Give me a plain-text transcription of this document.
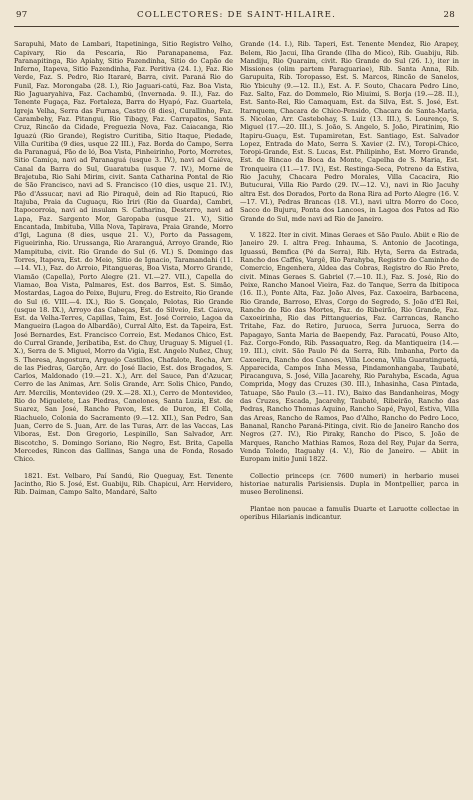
97	COLLECTORES: DE SAINT-HILAIRE.	28

Sarapuhi, Mato de Lambari, Itapetininga, Sitio Registro Velho, Capivary, Rio da Pescaria, Rio Paranapanema, Faz. Paranapitinga, Rio Apiahy, Sitio Fazendinha, Sitio do Capão de Inferno, Itapeva, Sitio Fazendinha, Faz. Peritiva (24. I.), Faz. Rio Verde, Faz. S. Pedro, Rio Itararé, Barra, civit. Paraná Rio do Funil, Faz. Morongaba (28. I.), Rio Jaguari-catú, Faz. Boa Vista, Rio Jaguaryahiva, Faz. Cachambú, (Invernada. 9. II.), Faz. do Tenente Fugaça, Faz. Fortaleza, Barra do Hyapó, Faz. Guartela, Igreja Velha, Serra das Furnas, Castro (8 dies), Curallinho, Faz. Carambehy, Faz. Pitangui, Rio Tibagy, Faz. Carrapatos, Santa Cruz, Rincão da Cidade, Freguezia Nova, Faz. Caiacanga, Rio Iguazú (Rio Grande), Registro Curitiba, Sitio Itaque, Piedade, Villa Curitiba (9 dies, usque 22 III.), Faz. Borda do Campo, Serra da Paranaguá, Pão de ló, Boa Vista, Pinheirinho, Porto, Morretes, Sitio Camiça, navi ad Paranaguá (usque 3. IV.), navi ad Caiéva, Canal da Barra do Sul, Guaratuba (usque 7. IV.), Morne de Brajetuba, Rio Sahi Mirim, civit. Santa Catharina Pontal de Rio de São Francisco, navi ad S. Francisco (10 dies, usque 21. IV.), Pão d'Assucar, navi ad Rio Piraquê, dein ad Rio Itapucú, Rio Itajuba, Praia da Cuguaçu, Rio Iriri (Rio da Guarda), Cambri, Itapocorroia, navi ad insulam S. Catharina, Desterro, navi ad Lapa, Faz. Sargento Mor, Garopaba (usque 21. V.), Sitio Encantada, Imbituba, Villa Nova, Tapirava, Praia Grande, Morro d'Igi, Laguna (8 dies, usque 21. V.), Porto da Passagem, Figueirinha, Rio. Urussanga, Rio Araranguá, Arroyo Grande, Rio Mampituba, civit. Rio Grande do Sul (6. VI.) S. Domingo das Torres, Itapeva, Est. do Meio, Sitio de Ignacio, Taramandahi (11.—14. VI.), Faz. do Arroio, Pitangueras, Boa Vista, Morro Grande, Viamão (Capella), Porto Alegre (21. VI.—27. VII.), Capella do Viamao, Boa Vista, Palmares, Est. dos Barros, Est. S. Simão, Mostardas, Lagoa do Peixe, Bujuru, Freg. do Estreito, Rio Grande do Sul (6. VIII.—4. IX.), Rio S. Gonçalo, Pelotas, Rio Grande (usque 18. IX.), Arroyo das Cabeças, Est. do Silveio, Est. Caiova, Est. da Velha-Terres, Capillas, Taim, Est. José Correio, Lagoa da Mangueira (Lagoa do Albardão), Curral Alto, Est. da Tapeira, Est. José Bernardes, Est. Francisco Correio, Est. Medanos Chico, Est. do Curral Grande, Jeribatiba, Est. do Chuy, Uruguay S. Miguel (1. X.), Serra de S. Miguel, Morro da Vigia, Est. Angelo Nuñez, Chuy, S. Theresa, Angostura, Arguejo Castillos, Chafalote, Rocha, Arr. de las Piedras, Garção, Arr. do José Ilacio, Est. dos Bragados, S. Carlos, Maldonado (19.—21. X.), Arr. del Sauce, Pan d'Azucar, Cerro de las Animas, Arr. Solis Grande, Arr. Solis Chico, Pando, Arr. Mercilis, Montevideo (29. X.—28. XI.), Cerro de Montevideo, Rio do Miguelete, Las Piedras, Canelones, Santa Luzia, Est. de Suarez, San José, Rancho Pavon, Est. de Duron, El Colla, Riachuelo, Colonia do Sacramento (9.—12. XII.), San Pedro, San Juan, Cerro de S. Juan, Arr. de las Turas, Arr. de las Vaccas, Las Viboras, Est. Don Gregorio, Lespinillo, San Salvador, Arr. Biscotcho, S. Domingo Soriano, Rio Negro, Est. Brita, Capella Mercedes, Rincon das Gallinas, Sanga una de Fonda, Rosado Chico.

1821. Est. Velbaro, Paí Sandú, Rio Queguay, Est. Tenente Jacintho, Rio S. José, Est. Guabiju, Rib. Chapicui, Arr. Hervidero, Rib. Daiman, Campo Salto, Mandaré, Salto

Grande (14. I.), Rib. Taperi, Est. Tenente Mendez, Rio Arapey, Belem, Rio Jacui, Ilha Grande (Ilha do Mico), Rib. Guabiju, Rib. Mandiju, Rio Quaraim, civit. Rio Grande do Sul (26. I.), iter in Missiones (olim partem Paraguariae), Rib. Santa Anna, Rib. Garupuita, Rib. Toropasso, Est. S. Marcos, Rincão de Sanelos, Rio Ybicuhy (9.—12. II.), Est. A. F. Souto, Chacara Pedro Lino, Faz. Salto, Faz. do Dommelo, Rio Miuimi, S. Borja (19.—28. II.), Est. Santo-Rei, Rio Camaquam, Est. da Silva, Est. S. José, Est. Itarnquem, Chacara de Chico-Pensido, Chacara de Santa-Maria, S. Nicolao, Arr. Castebohay, S. Luiz (13. III.), S. Lourenço, S. Miguel (17.—20. III.), S. João, S. Angelo, S. João, Piratinim, Rio Itapiru-Guaçu, Est. Tupamiretan, Est. Santiago, Est. Salvador Lopez, Entrada do Mato, Serra S. Xavier (2. IV.), Toropi-Chico, Toropi-Grande, Est. S. Lucas, Est. Philipinho, Est. Morro Grande, Est. de Rincao da Boca da Monte, Capelha de S. Maria, Est. Tronqueira (11.—17. IV.), Est. Restinga-Seca, Potreno da Estiva, Rio Jacuhy, Chacara Pedro Morales, Villa Cacacira, Rio Butucurai, Villa Rio Pardo (29. IV.—12. V.), navi in Rio Jacuhy altra Est. dos Dorados, Porto da Rona Rira ad Porto Alegre (16. V.—17. VI.), Pedras Brancas (18. VI.), navi ultra Morro do Coco, Sacco do Bujuru, Ponta dos Lancoes, in Lagoa dos Patos ad Rio Grande do Sul, mde navi ad Rio de Janeiro.

V. 1822. Iter in civit. Minas Geraes et São Paulo. Abiit e Rio de Janeiro 29. I. altra Freg. Inhauma, S. Antonio de Jacotinga, Iguassú, Bemfica (Pé da Serra), Rib. Hyta, Serra da Estrada, Rancho dos Caffés, Vargê, Rio Parahyba, Registro do Caminho de Comercio, Engenhera, Aldea das Cobras, Registro do Rio Preto, civit. Minas Geraes S. Gabriel (7.—10. II.), Faz. S. José, Rio do Peixe, Rancho Manoel Vieira, Faz. do Tanque, Serra da Ibitipoca (16. II.), Ponte Alta, Faz. João Alves, Faz. Caxoeira, Barbacena, Rio Grande, Barroso, Elvas, Corgo do Segredo, S. João d'El Rei, Rancho do Rio das Mortes, Faz. do Ribeirão, Rio Grande, Faz. Caxoeirinha, Rio das Pittanguerias, Faz. Carrancas, Rancho Tritahe, Faz. do Retiro, Juruoca, Serra Juruoca, Serra do Papagayo, Santa Maria de Baependy, Faz. Paracatú, Pouso Alto, Faz. Corgo-Fondo, Rib. Passaquatro, Reg. da Mantiqueira (14.—19. III.), civit. São Paulo Pé da Serra, Rib. Imbanha, Porto da Caxoeira, Rancho dos Canoes, Villa Locena, Villa Guaratinguetá, Apparecida, Campos Inha Messa, Pindamonhangaba, Taubaté, Piracanguva, S. José, Villa Jacarehy, Rio Parahyba, Escada, Agua Comprida, Mogy das Cruzes (30. III.), Inhasinha, Casa Pintada, Tatuape, São Paulo (3.—11. IV.), Baixo das Bandanheiras, Mogy das Cruzes, Escada, Jacarehy, Taubaté, Ribeirão, Rancho das Pedras, Rancho Thomas Aquino, Rancho Sapé, Payol, Estiva, Villa das Areas, Rancho de Ramos, Pao d'Alho, Rancho do Pedro Loco, Bananal, Rancho Paraná-Pitinga, civit. Rio de Janeiro Rancho dos Negros (27. IV.), Rio Piraky, Rancho do Pisco, S. João de Marques, Rancho Mathias Ramos, Roza del Rey, Pujar da Serra, Venda Toledo, Itaguahy (4. V.), Rio de Janeiro. — Abiit in Europam initio Junii 1822.

Collectio princeps (cr. 7600 numeri) in herbario musei historiae naturalis Parisiensis. Dupla in Montpellier, parca in museo Berolinensi.

Plantae non paucae a famulis Duarte et Laruotte collectae in operibus Hilarianis indicantur.
